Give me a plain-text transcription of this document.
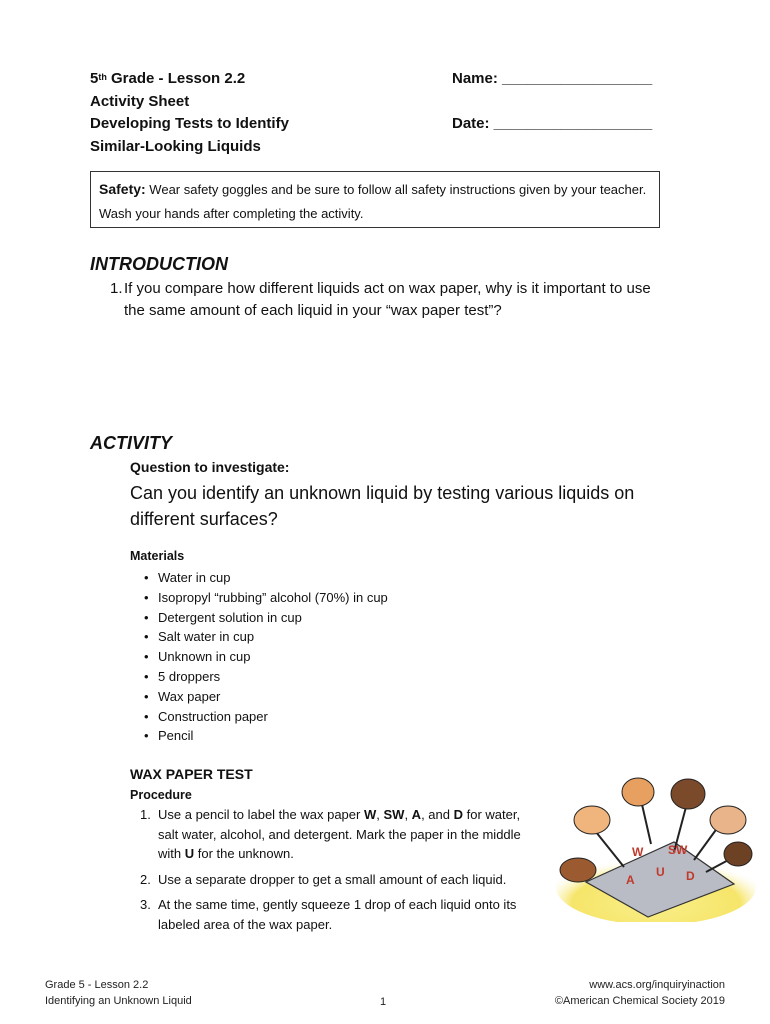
5th Grade - Lesson 2.2
Activity Sheet
Developing Tests to Identify
Similar-Looking Liquids
Name: __________________
Date: ___________________
Safety: Wear safety goggles and be sure to follow all safety instructions given by your teacher. Wash your hands after completing the activity.
INTRODUCTION
1. If you compare how different liquids act on wax paper, why is it important to use the same amount of each liquid in your “wax paper test”?
ACTIVITY
Question to investigate:
Can you identify an unknown liquid by testing various liquids on different surfaces?
Materials
• Water in cup
• Isopropyl “rubbing” alcohol (70%) in cup
• Detergent solution in cup
• Salt water in cup
• Unknown in cup
• 5 droppers
• Wax paper
• Construction paper
• Pencil
WAX PAPER TEST
Procedure
1. Use a pencil to label the wax paper W, SW, A, and D for water, salt water, alcohol, and detergent. Mark the paper in the middle with U for the unknown.
2. Use a separate dropper to get a small amount of each liquid.
3. At the same time, gently squeeze 1 drop of each liquid onto its labeled area of the wax paper.
W SW
U
A	D
Grade 5 - Lesson 2.2
Identifying an Unknown Liquid	1
www.acs.org/inquiryinaction
©American Chemical Society 2019
